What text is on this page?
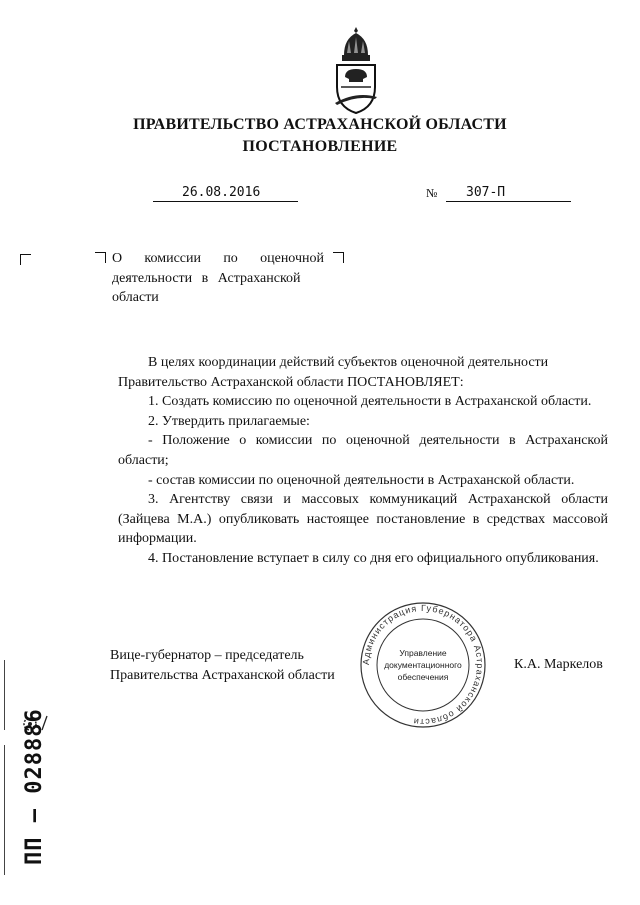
ПРАВИТЕЛЬСТВО АСТРАХАНСКОЙ ОБЛАСТИ
ПОСТАНОВЛЕНИЕ
26.08.2016	№ 307-П
О комиссии по оценочной
деятельности в Астраханской
области

В целях координации действий субъектов оценочной деятельности

Правительство Астраханской области ПОСТАНОВЛЯЕТ:

1. Создать комиссию по оценочной деятельности в Астраханской области.

2. Утвердить прилагаемые:

- Положение о комиссии по оценочной деятельности в Астраханской области;

- состав комиссии по оценочной деятельности в Астраханской области.

3. Агентству связи и массовых коммуникаций Астраханской области (Зайцева М.А.) опубликовать настоящее постановление в средствах массовой информации.

4. Постановление вступает в силу со дня его официального опубликования.

Вице-губернатор – председатель
Правительства Астраханской области
Администрация Губернатора Астраханской области
Управление
документационного
обеспечения
К.А. Маркелов
ПП – 028886
